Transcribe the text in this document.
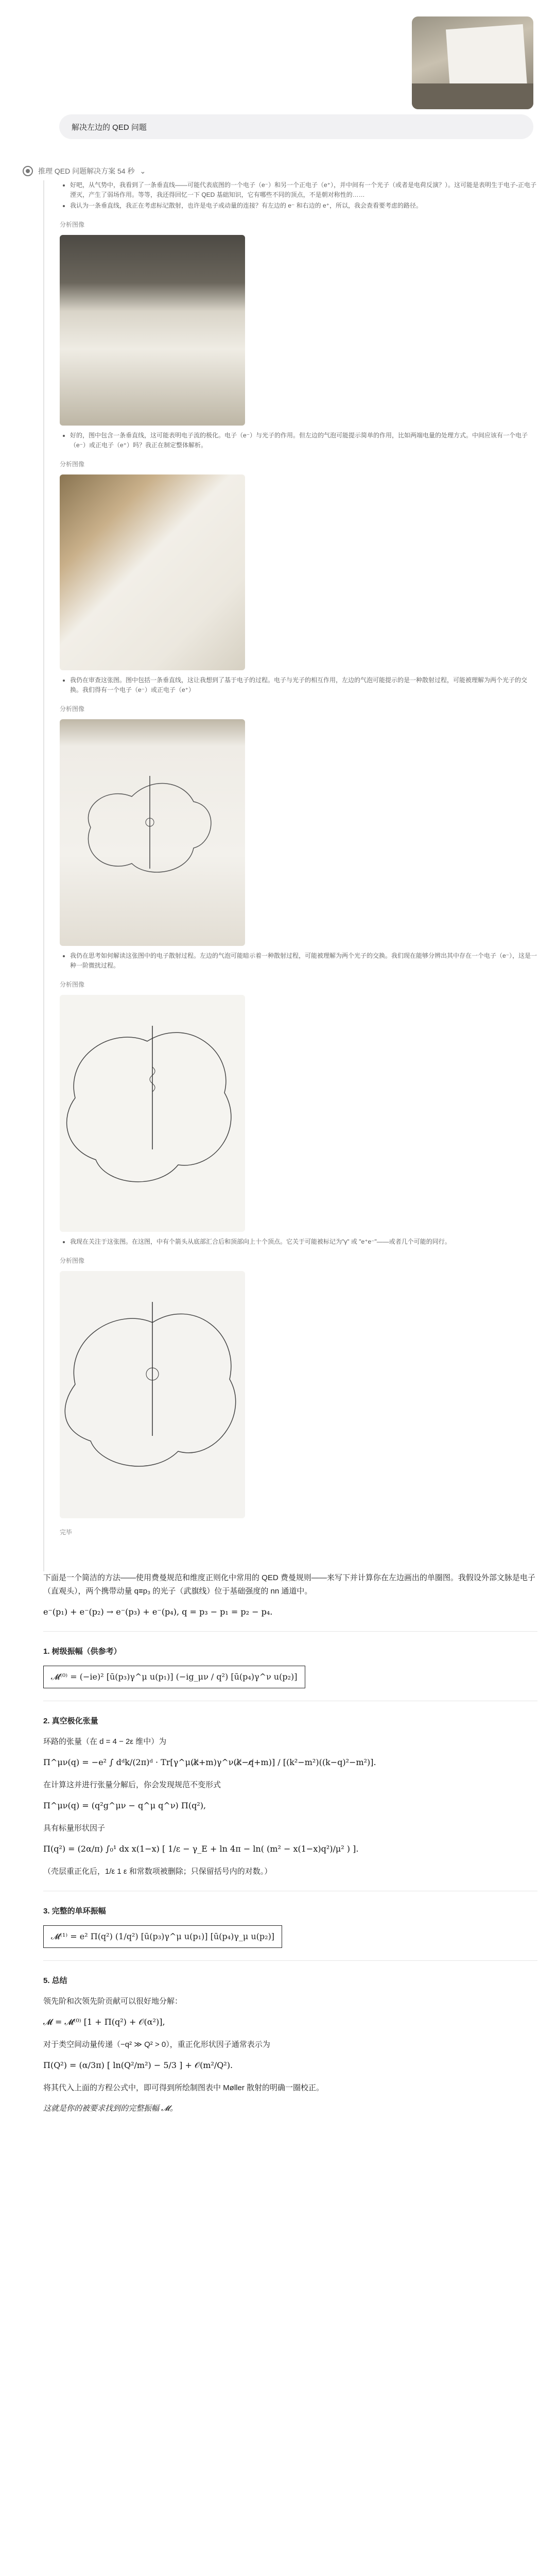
解决左边的 QED 问题
推理 QED 问题解决方案 54 秒 ⌄
• 好吧，从气势中，我看到了一条垂直线——可能代表底图的一个电子（e⁻）和另一个正电子（e⁺），并中间有一个光子（或者是电荷反演？）。这可能是表明生于电子-正电子湮灭，产生了弱场作用。等等，我还得回忆一下 QED 基础知识，它有哪些不同的顶点，不是朝对称性的……
• 我认为一条垂直线，我正在考虑标记散射，也许是电子或动量的连接？有左边的 e⁻ 和右边的 e⁺，所以，我会查看要考虑的路径。
分析图像
• 好的，图中包含一条垂直线，这可能表明电子流的极化。电子（e⁻）与光子的作用。但左边的气泡可能提示简单的作用，比如两端电量的处理方式。中间应该有一个电子（e⁻）或正电子（e⁺）吗？我正在制定整体解析。
分析图像
• 我仍在审查这张图。图中包括一条垂直线，这让我想到了基于电子的过程。电子与光子的相互作用，左边的气泡可能提示的是一种散射过程，可能被理解为两个光子的交换。我们得有一个电子（e⁻）或正电子（e⁺）
分析图像
• 我仍在思考如何解读这张图中的电子散射过程。左边的气泡可能暗示着一种散射过程，可能被理解为两个光子的交换。我们现在能够分辨出其中存在一个电子（e⁻），这是一种一阶微扰过程。
分析图像
• 我现在关注于这张图。在这图，中有个箭头从底部汇合后和顶部向上十个顶点。它关于可能被标记为"γ" 或 "e⁺e⁻"——或者几个可能的同行。
分析图像
完毕

下面是一个简洁的方法——使用费曼规范和维度正则化中常用的 QED 费曼规则——来写下并计算你在左边画出的单圈图。我假设外部文脉是电子（直观头），两个携带动量 q≡p₃ 的光子（武旗线）位于基础强度的 nn 通道中。

e⁻(p₁) + e⁻(p₂) → e⁻(p₃) + e⁻(p₄), q = p₃ − p₁ = p₂ − p₄.
1. 树级振幅（供参考）
𝓜⁽⁰⁾ = (−ie)² [ū(p₃)γ^μ u(p₁)] (−ig_μν / q²) [ū(p₄)γ^ν u(p₂)]
2. 真空极化张量

环路的张量（在 d = 4 − 2ε 维中）为

Π^μν(q) = −e² ∫ dᵈk/(2π)ᵈ · Tr[γ^μ(k̸+m)γ^ν(k̸−q̸+m)] / [(k²−m²)((k−q)²−m²)].

在计算这并进行张量分解后，你会发现规范不变形式

Π^μν(q) = (q²g^μν − q^μ q^ν) Π(q²),

具有标量形状因子

Π(q²) = (2α/π) ∫₀¹ dx x(1−x) [ 1/ε − γ_E + ln 4π − ln( (m² − x(1−x)q²)/μ² ) ].

（壳层重正化后，1/ε 1 ε 和常数项被删除；只保留括号内的对数。）

3. 完整的单环振幅
𝓜⁽¹⁾ = e² Π(q²) (1/q²) [ū(p₃)γ^μ u(p₁)] [ū(p₄)γ_μ u(p₂)]
5. 总结

领先阶和次领先阶贡献可以很好地分解：

𝓜 = 𝓜⁽⁰⁾ [1 + Π(q²) + 𝒪(α²)],

对于类空间动量传递（−q² ≫ Q² > 0），重正化形状因子通常表示为

Π(Q²) = (α/3π) [ ln(Q²/m²) − 5/3 ] + 𝒪(m²/Q²).

将其代入上面的方程公式中，即可得到所绘制图表中 Møller 散射的明确一圈校正。

这就是你的被要求找到的完整振幅 𝓜。
